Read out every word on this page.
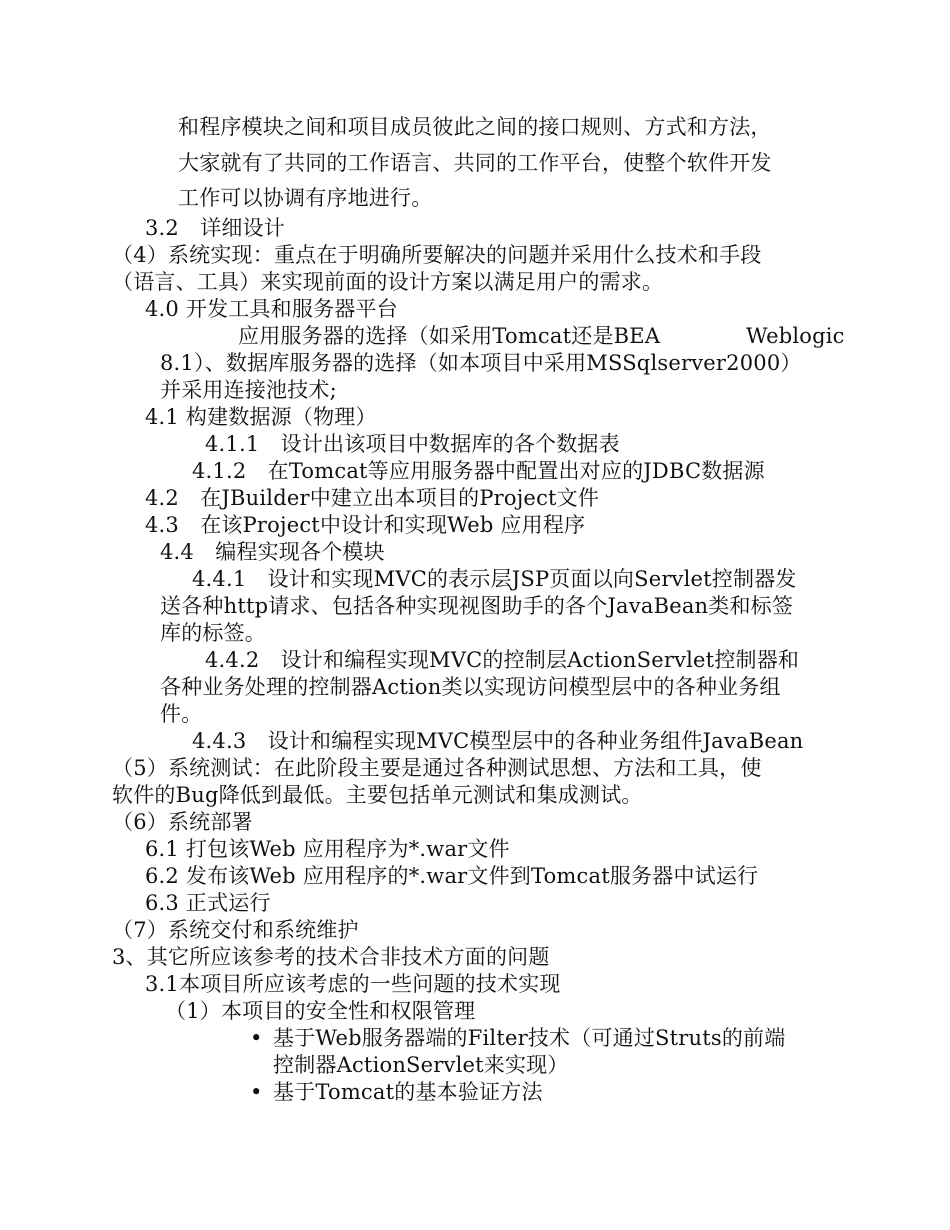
和程序模块之间和项目成员彼此之间的接口规则、方式和方法，
大家就有了共同的工作语言、共同的工作平台，使整个软件开发
工作可以协调有序地进行。
3.2　详细设计
（4）系统实现：重点在于明确所要解决的问题并采用什么技术和手段
（语言、工具）来实现前面的设计方案以满足用户的需求。
4.0 开发工具和服务器平台
应用服务器的选择（如采用Tomcat还是BEA	Weblogic
8.1）、数据库服务器的选择（如本项目中采用MSSqlserver2000）
并采用连接池技术;
4.1 构建数据源（物理）
4.1.1　设计出该项目中数据库的各个数据表
4.1.2　在Tomcat等应用服务器中配置出对应的JDBC数据源
4.2　在JBuilder中建立出本项目的Project文件
4.3　在该Project中设计和实现Web 应用程序
4.4　编程实现各个模块
4.4.1　设计和实现MVC的表示层JSP页面以向Servlet控制器发
送各种http请求、包括各种实现视图助手的各个JavaBean类和标签
库的标签。
4.4.2　设计和编程实现MVC的控制层ActionServlet控制器和
各种业务处理的控制器Action类以实现访问模型层中的各种业务组
件。
4.4.3　设计和编程实现MVC模型层中的各种业务组件JavaBean
（5）系统测试：在此阶段主要是通过各种测试思想、方法和工具，使
软件的Bug降低到最低。主要包括单元测试和集成测试。
（6）系统部署
6.1 打包该Web 应用程序为*.war文件
6.2 发布该Web 应用程序的*.war文件到Tomcat服务器中试运行
6.3 正式运行
（7）系统交付和系统维护
3、其它所应该参考的技术合非技术方面的问题
3.1本项目所应该考虑的一些问题的技术实现
（1）本项目的安全性和权限管理
• 基于Web服务器端的Filter技术（可通过Struts的前端
控制器ActionServlet来实现）
• 基于Tomcat的基本验证方法
